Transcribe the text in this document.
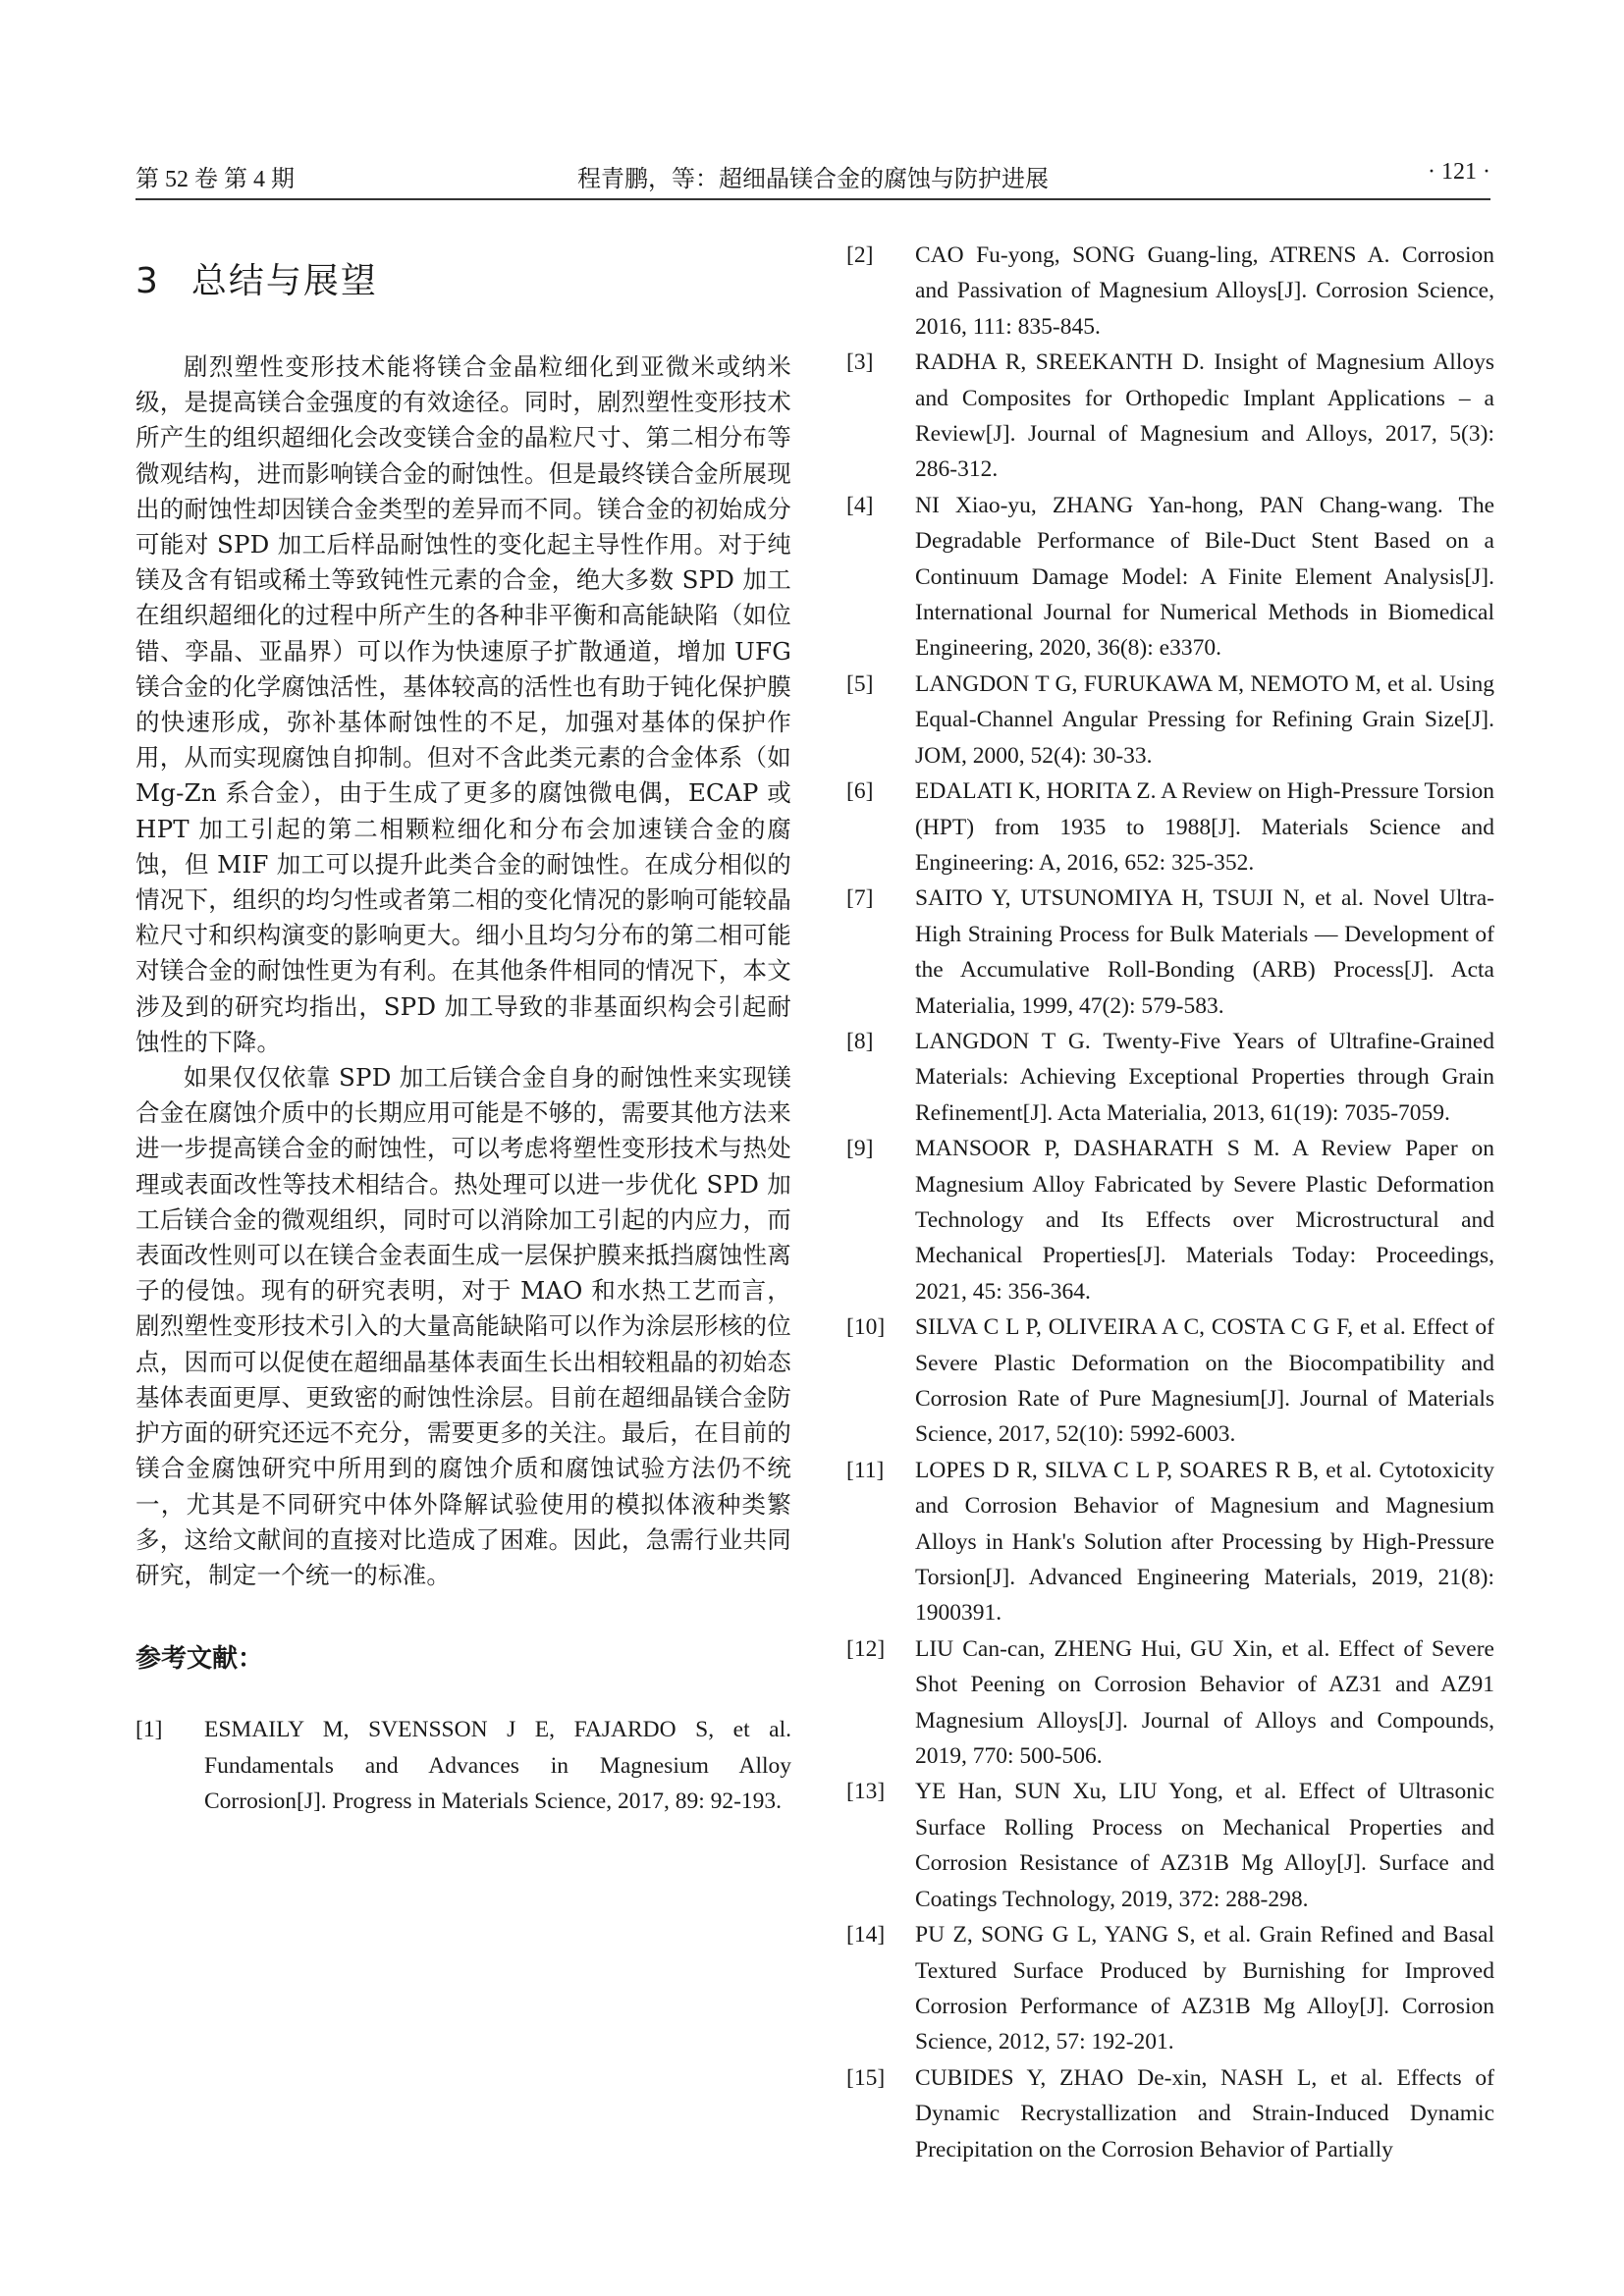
第 52 卷 第 4 期	程青鹏，等：超细晶镁合金的腐蚀与防护进展	· 121 ·
3 总结与展望

剧烈塑性变形技术能将镁合金晶粒细化到亚微米或纳米级，是提高镁合金强度的有效途径。同时，剧烈塑性变形技术所产生的组织超细化会改变镁合金的晶粒尺寸、第二相分布等微观结构，进而影响镁合金的耐蚀性。但是最终镁合金所展现出的耐蚀性却因镁合金类型的差异而不同。镁合金的初始成分可能对 SPD 加工后样品耐蚀性的变化起主导性作用。对于纯镁及含有铝或稀土等致钝性元素的合金，绝大多数 SPD 加工在组织超细化的过程中所产生的各种非平衡和高能缺陷（如位错、孪晶、亚晶界）可以作为快速原子扩散通道，增加 UFG 镁合金的化学腐蚀活性，基体较高的活性也有助于钝化保护膜的快速形成，弥补基体耐蚀性的不足，加强对基体的保护作用，从而实现腐蚀自抑制。但对不含此类元素的合金体系（如 Mg-Zn 系合金），由于生成了更多的腐蚀微电偶，ECAP 或 HPT 加工引起的第二相颗粒细化和分布会加速镁合金的腐蚀，但 MIF 加工可以提升此类合金的耐蚀性。在成分相似的情况下，组织的均匀性或者第二相的变化情况的影响可能较晶粒尺寸和织构演变的影响更大。细小且均匀分布的第二相可能对镁合金的耐蚀性更为有利。在其他条件相同的情况下，本文涉及到的研究均指出，SPD 加工导致的非基面织构会引起耐蚀性的下降。

如果仅仅依靠 SPD 加工后镁合金自身的耐蚀性来实现镁合金在腐蚀介质中的长期应用可能是不够的，需要其他方法来进一步提高镁合金的耐蚀性，可以考虑将塑性变形技术与热处理或表面改性等技术相结合。热处理可以进一步优化 SPD 加工后镁合金的微观组织，同时可以消除加工引起的内应力，而表面改性则可以在镁合金表面生成一层保护膜来抵挡腐蚀性离子的侵蚀。现有的研究表明，对于 MAO 和水热工艺而言，剧烈塑性变形技术引入的大量高能缺陷可以作为涂层形核的位点，因而可以促使在超细晶基体表面生长出相较粗晶的初始态基体表面更厚、更致密的耐蚀性涂层。目前在超细晶镁合金防护方面的研究还远不充分，需要更多的关注。最后，在目前的镁合金腐蚀研究中所用到的腐蚀介质和腐蚀试验方法仍不统一，尤其是不同研究中体外降解试验使用的模拟体液种类繁多，这给文献间的直接对比造成了困难。因此，急需行业共同研究，制定一个统一的标准。

参考文献：
[1] ESMAILY M, SVENSSON J E, FAJARDO S, et al. Fundamentals and Advances in Magnesium Alloy Corrosion[J]. Progress in Materials Science, 2017, 89: 92-193.
[2] CAO Fu-yong, SONG Guang-ling, ATRENS A. Corrosion and Passivation of Magnesium Alloys[J]. Corrosion Science, 2016, 111: 835-845.
[3] RADHA R, SREEKANTH D. Insight of Magnesium Alloys and Composites for Orthopedic Implant Applications – a Review[J]. Journal of Magnesium and Alloys, 2017, 5(3): 286-312.
[4] NI Xiao-yu, ZHANG Yan-hong, PAN Chang-wang. The Degradable Performance of Bile-Duct Stent Based on a Continuum Damage Model: A Finite Element Analysis[J]. International Journal for Numerical Methods in Biomedical Engineering, 2020, 36(8): e3370.
[5] LANGDON T G, FURUKAWA M, NEMOTO M, et al. Using Equal-Channel Angular Pressing for Refining Grain Size[J]. JOM, 2000, 52(4): 30-33.
[6] EDALATI K, HORITA Z. A Review on High-Pressure Torsion (HPT) from 1935 to 1988[J]. Materials Science and Engineering: A, 2016, 652: 325-352.
[7] SAITO Y, UTSUNOMIYA H, TSUJI N, et al. Novel Ultra-High Straining Process for Bulk Materials — Development of the Accumulative Roll-Bonding (ARB) Process[J]. Acta Materialia, 1999, 47(2): 579-583.
[8] LANGDON T G. Twenty-Five Years of Ultrafine-Grained Materials: Achieving Exceptional Properties through Grain Refinement[J]. Acta Materialia, 2013, 61(19): 7035-7059.
[9] MANSOOR P, DASHARATH S M. A Review Paper on Magnesium Alloy Fabricated by Severe Plastic Deformation Technology and Its Effects over Microstructural and Mechanical Properties[J]. Materials Today: Proceedings, 2021, 45: 356-364.
[10] SILVA C L P, OLIVEIRA A C, COSTA C G F, et al. Effect of Severe Plastic Deformation on the Biocompatibility and Corrosion Rate of Pure Magnesium[J]. Journal of Materials Science, 2017, 52(10): 5992-6003.
[11] LOPES D R, SILVA C L P, SOARES R B, et al. Cytotoxicity and Corrosion Behavior of Magnesium and Magnesium Alloys in Hank's Solution after Processing by High-Pressure Torsion[J]. Advanced Engineering Materials, 2019, 21(8): 1900391.
[12] LIU Can-can, ZHENG Hui, GU Xin, et al. Effect of Severe Shot Peening on Corrosion Behavior of AZ31 and AZ91 Magnesium Alloys[J]. Journal of Alloys and Compounds, 2019, 770: 500-506.
[13] YE Han, SUN Xu, LIU Yong, et al. Effect of Ultrasonic Surface Rolling Process on Mechanical Properties and Corrosion Resistance of AZ31B Mg Alloy[J]. Surface and Coatings Technology, 2019, 372: 288-298.
[14] PU Z, SONG G L, YANG S, et al. Grain Refined and Basal Textured Surface Produced by Burnishing for Improved Corrosion Performance of AZ31B Mg Alloy[J]. Corrosion Science, 2012, 57: 192-201.
[15] CUBIDES Y, ZHAO De-xin, NASH L, et al. Effects of Dynamic Recrystallization and Strain-Induced Dynamic Precipitation on the Corrosion Behavior of Partially
